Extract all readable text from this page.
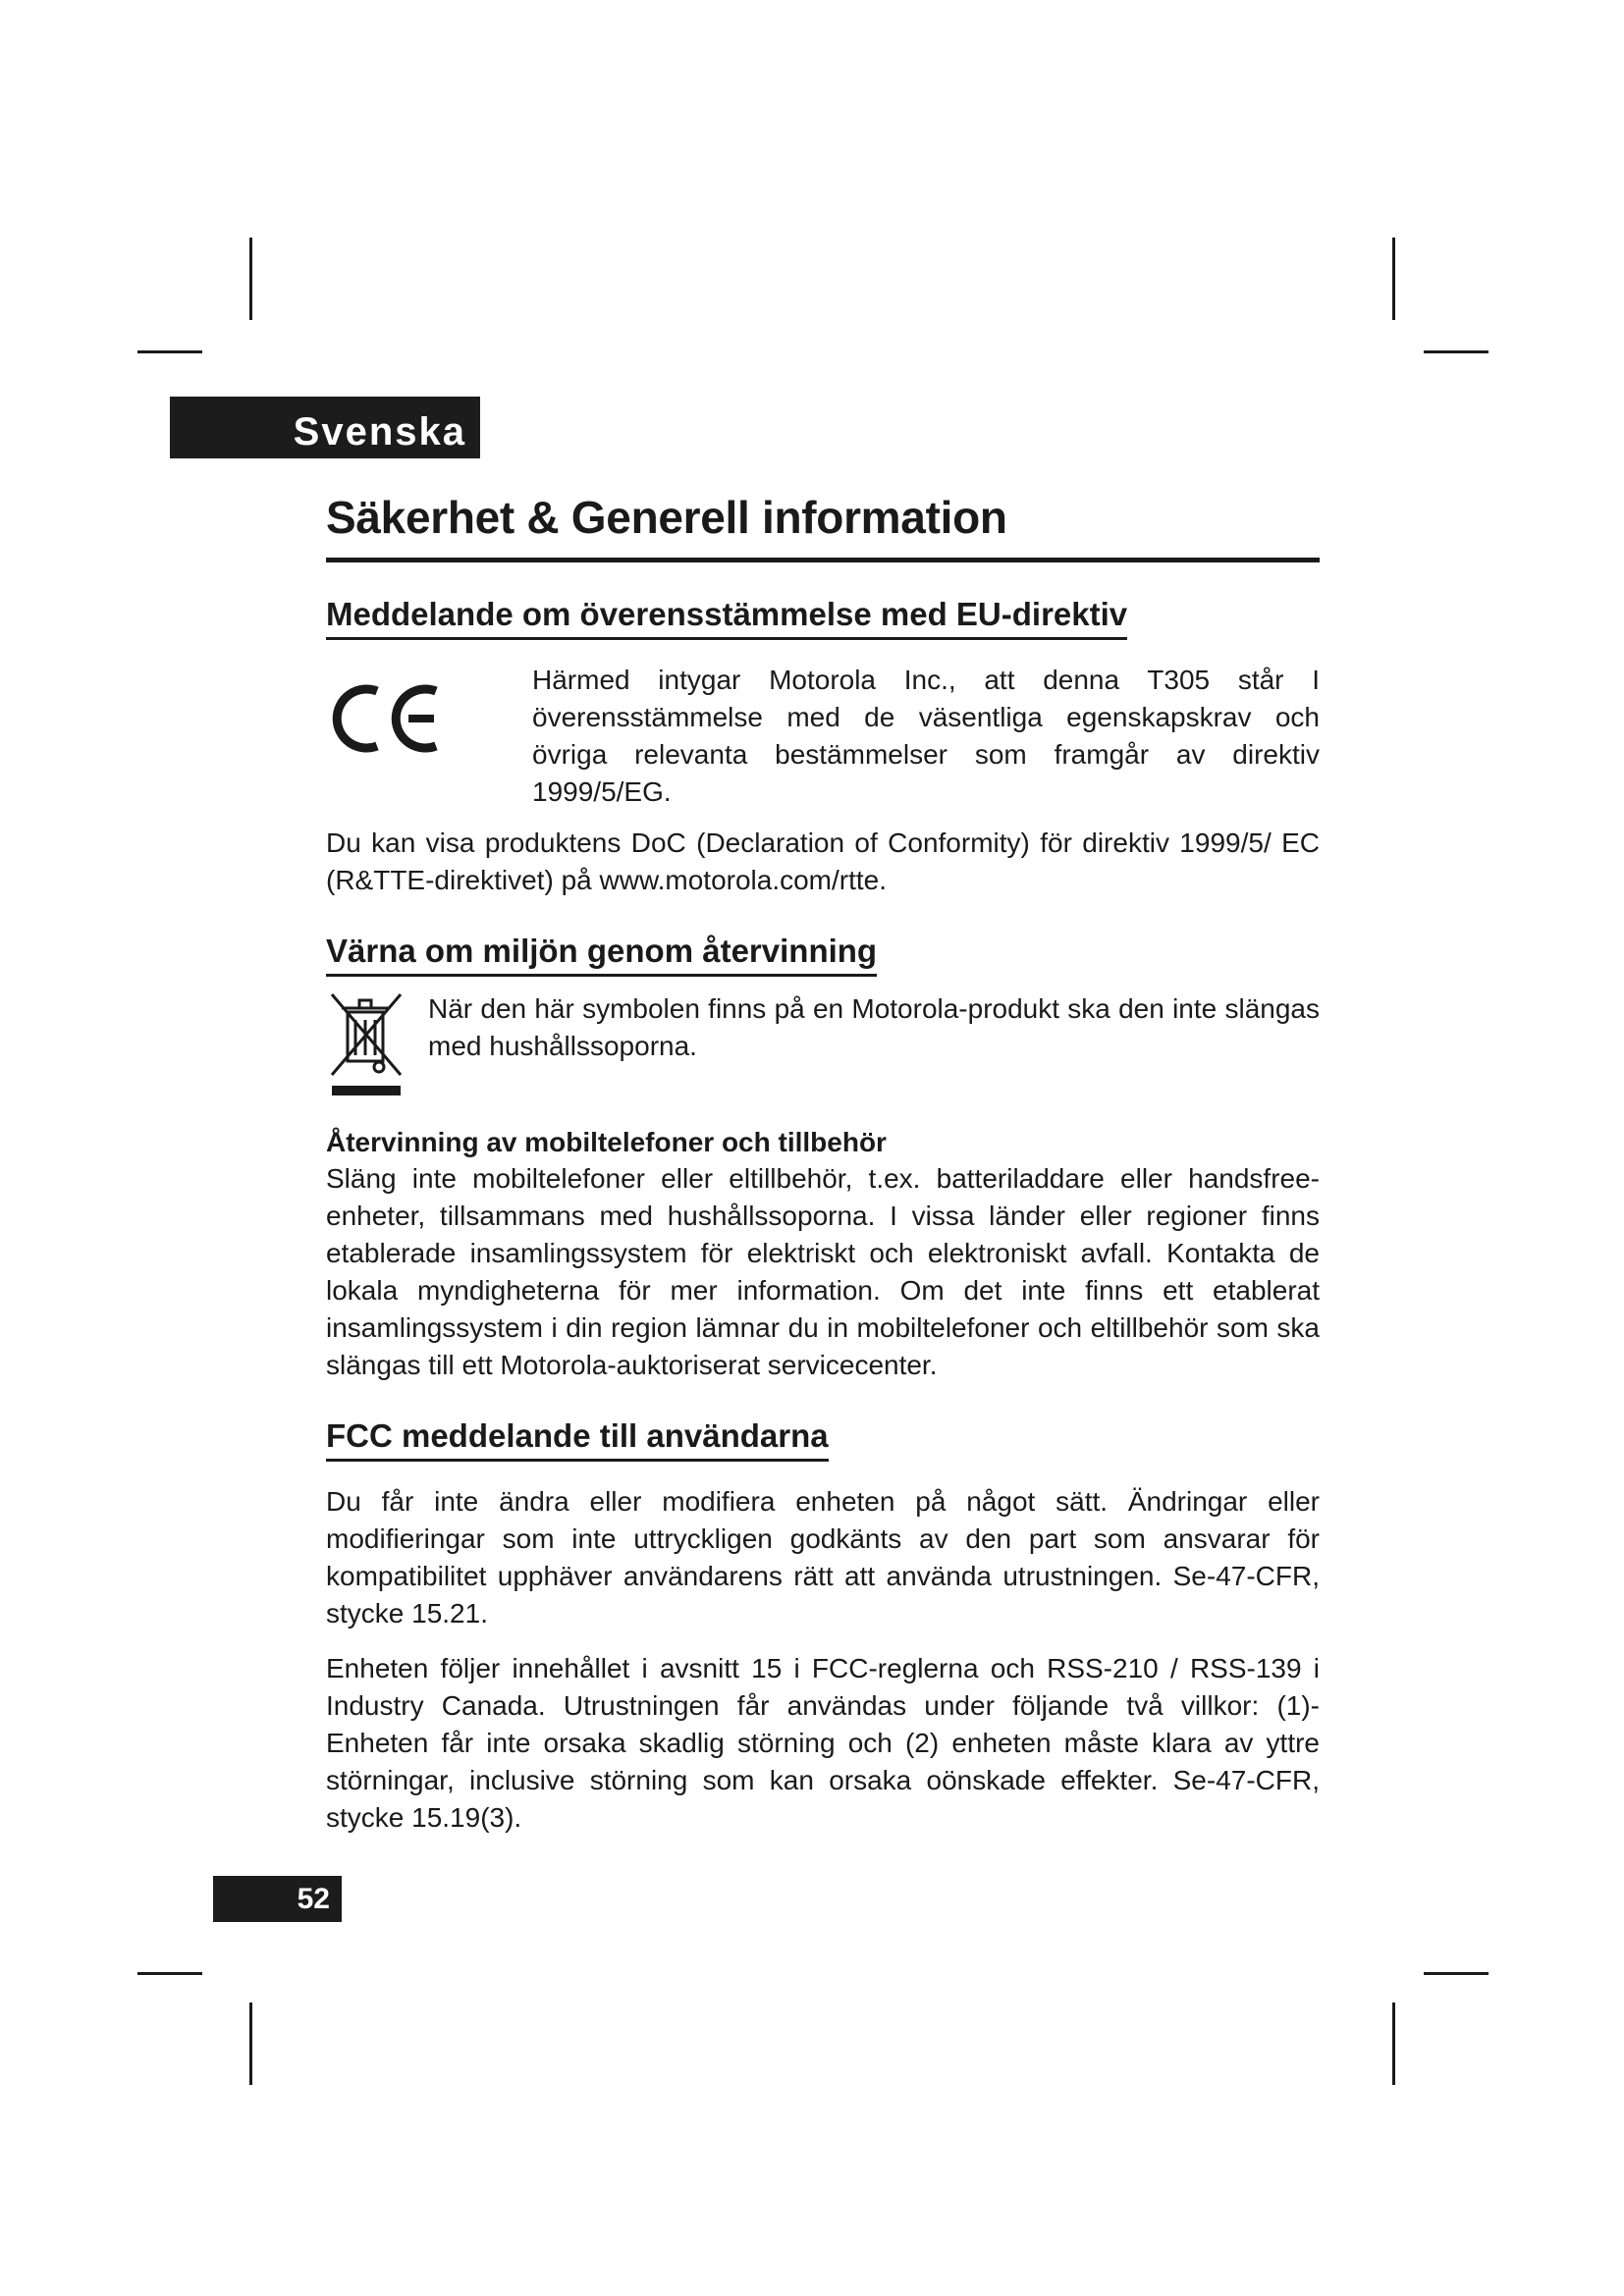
Svenska
Säkerhet & Generell information
Meddelande om överensstämmelse med EU-direktiv

Härmed intygar Motorola Inc., att denna T305 står I överensstämmelse med de väsentliga egenskapskrav och övriga relevanta bestämmelser som framgår av direktiv 1999/5/EG.

Du kan visa produktens DoC (Declaration of Conformity) för direktiv 1999/5/ EC (R&TTE-direktivet) på www.motorola.com/rtte.

Värna om miljön genom återvinning

När den här symbolen finns på en Motorola-produkt ska den inte slängas med hushållssoporna.

Återvinning av mobiltelefoner och tillbehör

Släng inte mobiltelefoner eller eltillbehör, t.ex. batteriladdare eller handsfree-enheter, tillsammans med hushållssoporna. I vissa länder eller regioner finns etablerade insamlingssystem för elektriskt och elektroniskt avfall. Kontakta de lokala myndigheterna för mer information. Om det inte finns ett etablerat insamlingssystem i din region lämnar du in mobiltelefoner och eltillbehör som ska slängas till ett Motorola-auktoriserat servicecenter.

FCC meddelande till användarna

Du får inte ändra eller modifiera enheten på något sätt. Ändringar eller modifieringar som inte uttryckligen godkänts av den part som ansvarar för kompatibilitet upphäver användarens rätt att använda utrustningen. Se-47-CFR, stycke 15.21.

Enheten följer innehållet i avsnitt 15 i FCC-reglerna och RSS-210 / RSS-139 i Industry Canada. Utrustningen får användas under följande två villkor: (1)-Enheten får inte orsaka skadlig störning och (2) enheten måste klara av yttre störningar, inclusive störning som kan orsaka oönskade effekter. Se-47-CFR, stycke 15.19(3).

52
